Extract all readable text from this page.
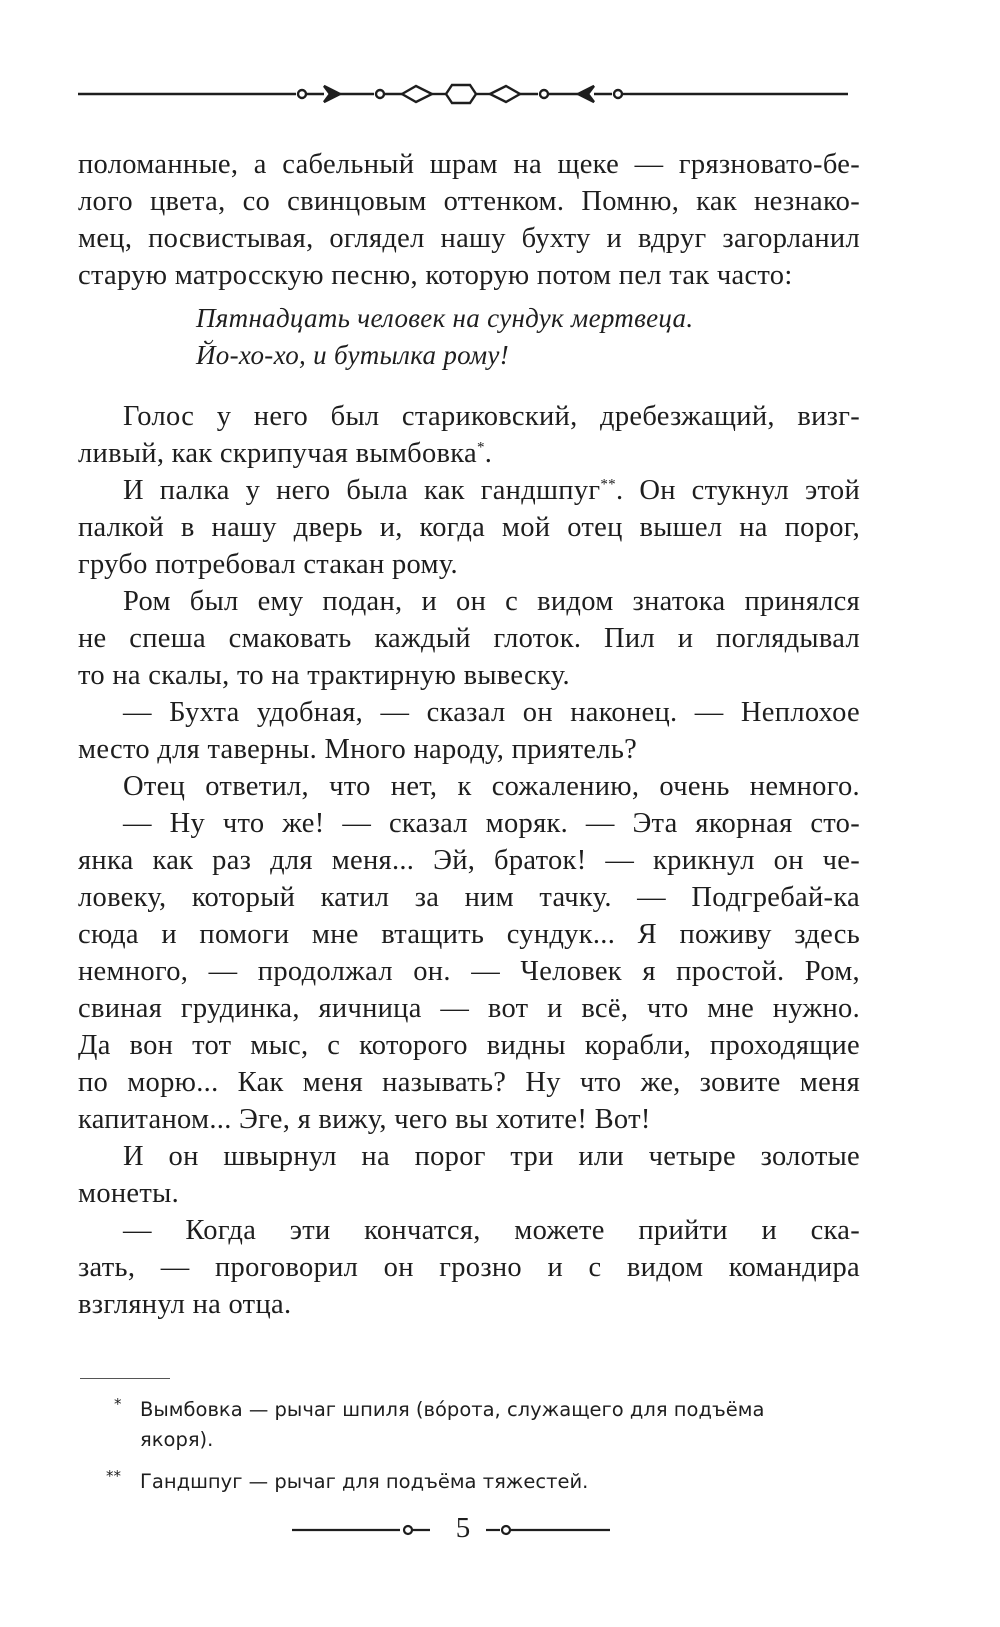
поломанные, а сабельный шрам на щеке — грязновато-бе-
лого цвета, со свинцовым оттенком. Помню, как незнако-
мец, посвистывая, оглядел нашу бухту и вдруг загорланил
старую матросскую песню, которую потом пел так часто:
Пятнадцать человек на сундук мертвеца.
Йо-хо-хо, и бутылка рому!
Голос у него был стариковский, дребезжащий, визг-
ливый, как скрипучая вымбовка*.
И палка у него была как гандшпуг**. Он стукнул этой
палкой в нашу дверь и, когда мой отец вышел на порог,
грубо потребовал стакан рому.
Ром был ему подан, и он с видом знатока принялся
не спеша смаковать каждый глоток. Пил и поглядывал
то на скалы, то на трактирную вывеску.
— Бухта удобная, — сказал он наконец. — Неплохое
место для таверны. Много народу, приятель?
Отец ответил, что нет, к сожалению, очень немного.
— Ну что же! — сказал моряк. — Эта якорная сто-
янка как раз для меня... Эй, браток! — крикнул он че-
ловеку, который катил за ним тачку. — Подгребай-ка
сюда и помоги мне втащить сундук... Я поживу здесь
немного, — продолжал он. — Человек я простой. Ром,
свиная грудинка, яичница — вот и всё, что мне нужно.
Да вон тот мыс, с которого видны корабли, проходящие
по морю... Как меня называть? Ну что же, зовите меня
капитаном... Эге, я вижу, чего вы хотите! Вот!
И он швырнул на порог три или четыре золотые
монеты.
— Когда эти кончатся, можете прийти и ска-
зать, — проговорил он грозно и с видом командира
взглянул на отца.
* Вымбовка — рычаг шпиля (вóрота, служащего для подъёма
якоря).
** Гандшпуг — рычаг для подъёма тяжестей.
5
